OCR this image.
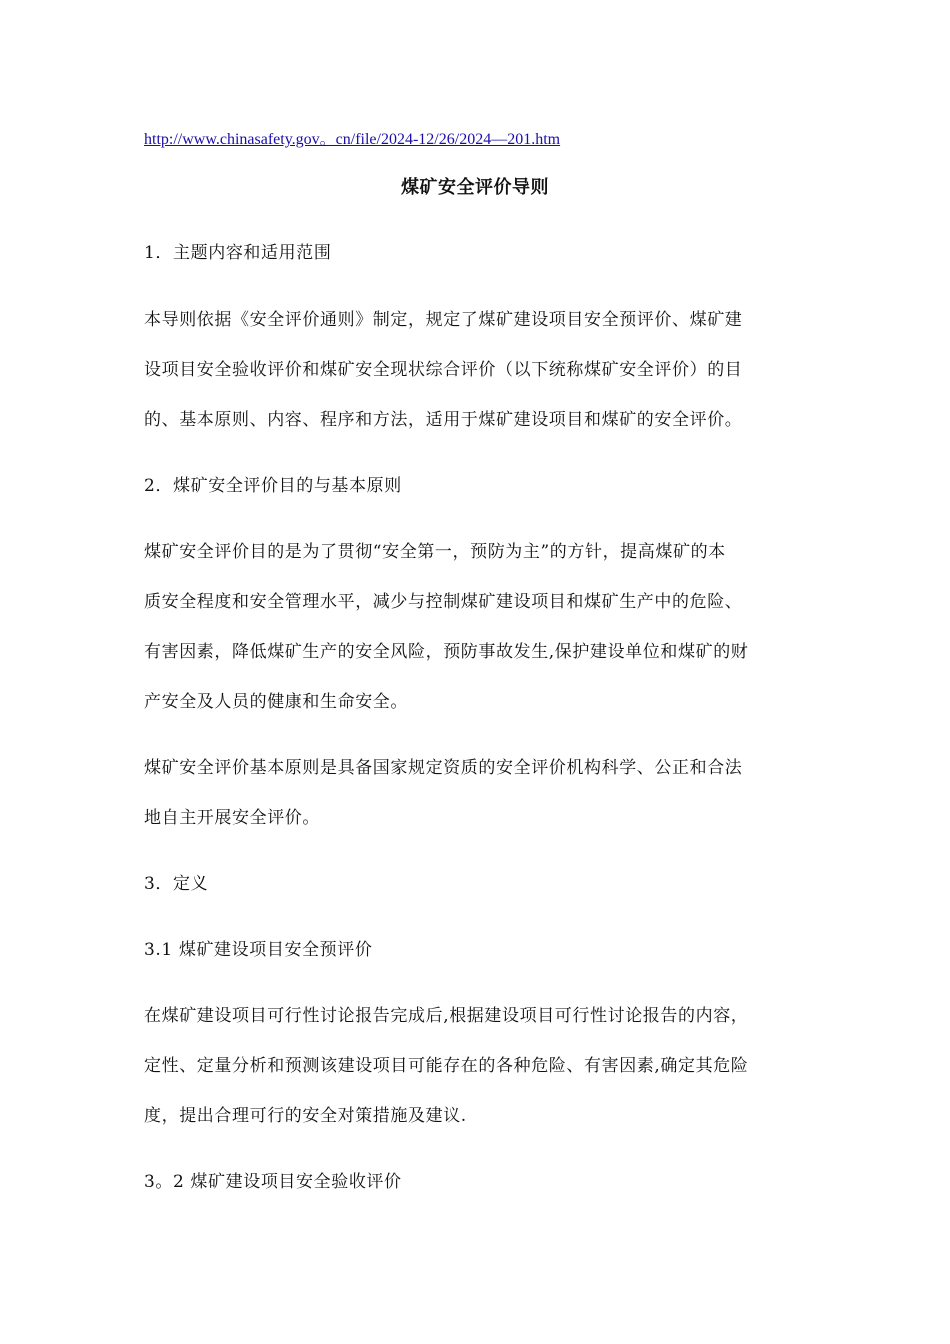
http://www.chinasafety.gov。cn/file/2024-12/26/2024—201.htm
煤矿安全评价导则
1．主题内容和适用范围
本导则依据《安全评价通则》制定，规定了煤矿建设项目安全预评价、煤矿建
设项目安全验收评价和煤矿安全现状综合评价（以下统称煤矿安全评价）的目
的、基本原则、内容、程序和方法，适用于煤矿建设项目和煤矿的安全评价。
2．煤矿安全评价目的与基本原则
煤矿安全评价目的是为了贯彻“安全第一，预防为主”的方针，提高煤矿的本
质安全程度和安全管理水平，减少与控制煤矿建设项目和煤矿生产中的危险、
有害因素，降低煤矿生产的安全风险，预防事故发生,保护建设单位和煤矿的财
产安全及人员的健康和生命安全。
煤矿安全评价基本原则是具备国家规定资质的安全评价机构科学、公正和合法
地自主开展安全评价。
3．定义
3.1 煤矿建设项目安全预评价
在煤矿建设项目可行性讨论报告完成后,根据建设项目可行性讨论报告的内容，
定性、定量分析和预测该建设项目可能存在的各种危险、有害因素,确定其危险
度，提出合理可行的安全对策措施及建议.
3。2 煤矿建设项目安全验收评价
